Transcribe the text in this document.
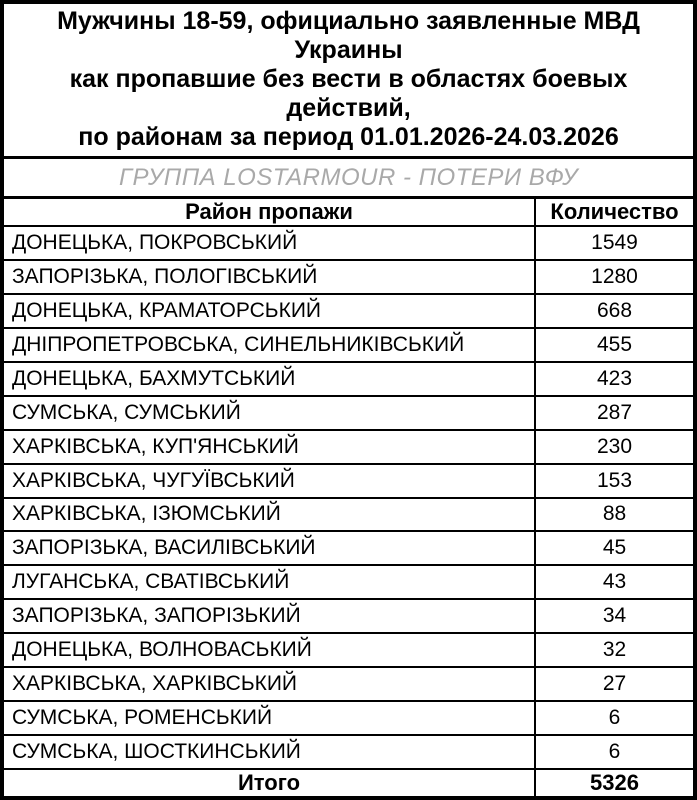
Мужчины 18-59, официально заявленные МВД Украины
как пропавшие без вести в областях боевых действий,
по районам за период 01.01.2026-24.03.2026
ГРУППА LOSTARMOUR - ПОТЕРИ ВФУ
Район пропажи	Количество
ДОНЕЦЬКА, ПОКРОВСЬКИЙ	1549
ЗАПОРІЗЬКА, ПОЛОГІВСЬКИЙ	1280
ДОНЕЦЬКА, КРАМАТОРСЬКИЙ	668
ДНІПРОПЕТРОВСЬКА, СИНЕЛЬНИКІВСЬКИЙ	455
ДОНЕЦЬКА, БАХМУТСЬКИЙ	423
СУМСЬКА, СУМСЬКИЙ	287
ХАРКІВСЬКА, КУП'ЯНСЬКИЙ	230
ХАРКІВСЬКА, ЧУГУЇВСЬКИЙ	153
ХАРКІВСЬКА, ІЗЮМСЬКИЙ	88
ЗАПОРІЗЬКА, ВАСИЛІВСЬКИЙ	45
ЛУГАНСЬКА, СВАТІВСЬКИЙ	43
ЗАПОРІЗЬКА, ЗАПОРІЗЬКИЙ	34
ДОНЕЦЬКА, ВОЛНОВАСЬКИЙ	32
ХАРКІВСЬКА, ХАРКІВСЬКИЙ	27
СУМСЬКА, РОМЕНСЬКИЙ	6
СУМСЬКА, ШОСТКИНСЬКИЙ	6
Итого	5326
